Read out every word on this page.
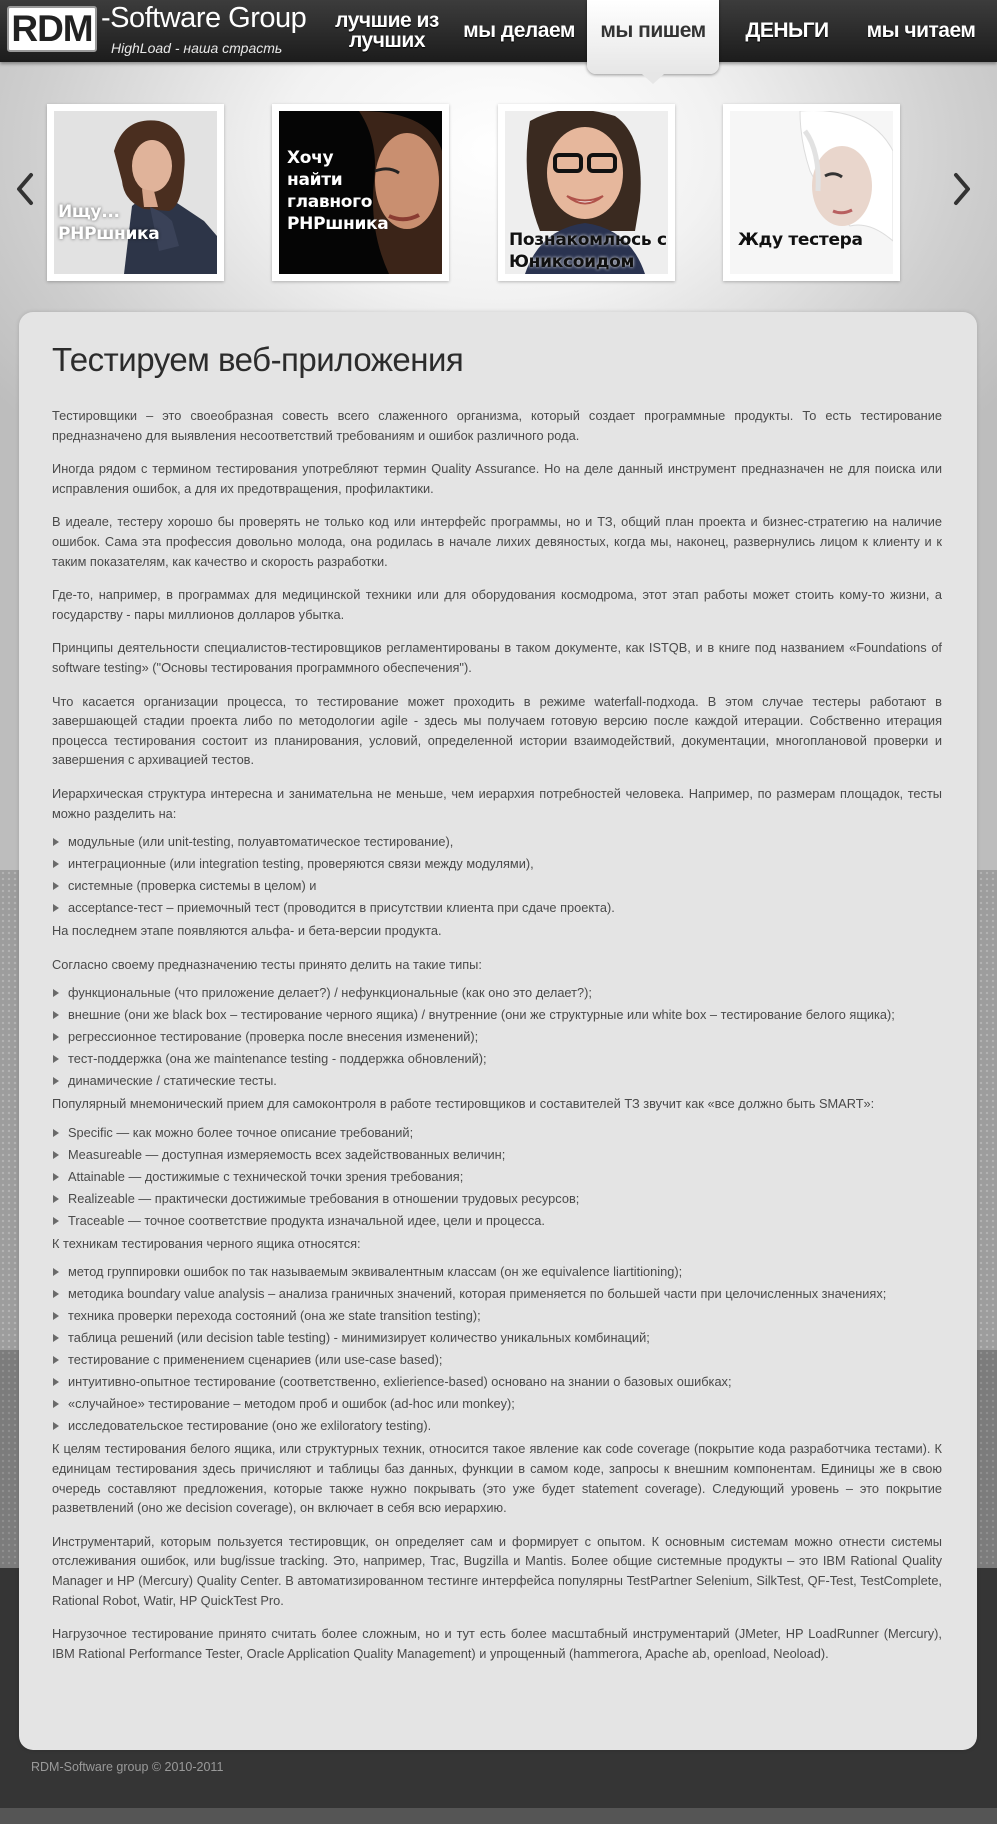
RDM -Software Group
HighLoad - наша страсть
лучшие из лучших	мы делаем мы пишем ДЕНЬГИ мы читаем
Ищу...
PHPшника
Хочу
найти
главного
PHPшника
Познакомлюсь с
Юниксоидом
Жду тестера
Тестируем веб-приложения

Тестировщики – это своеобразная совесть всего слаженного организма, который создает программные продукты. То есть тестирование предназначено для выявления несоответствий требованиям и ошибок различного рода.

Иногда рядом с термином тестирования употребляют термин Quality Assurance. Но на деле данный инструмент предназначен не для поиска или исправления ошибок, а для их предотвращения, профилактики.

В идеале, тестеру хорошо бы проверять не только код или интерфейс программы, но и ТЗ, общий план проекта и бизнес-стратегию на наличие ошибок. Сама эта профессия довольно молода, она родилась в начале лихих девяностых, когда мы, наконец, развернулись лицом к клиенту и к таким показателям, как качество и скорость разработки.

Где-то, например, в программах для медицинской техники или для оборудования космодрома, этот этап работы может стоить кому-то жизни, а государству - пары миллионов долларов убытка.

Принципы деятельности специалистов-тестировщиков регламентированы в таком документе, как ISTQB, и в книге под названием «Foundations of software testing» ("Основы тестирования программного обеспечения").

Что касается организации процесса, то тестирование может проходить в режиме waterfall-подхода. В этом случае тестеры работают в завершающей стадии проекта либо по методологии agile - здесь мы получаем готовую версию после каждой итерации. Собственно итерация процесса тестирования состоит из планирования, условий, определенной истории взаимодействий, документации, многоплановой проверки и завершения с архивацией тестов.

Иерархическая структура интересна и занимательна не меньше, чем иерархия потребностей человека. Например, по размерам площадок, тесты можно разделить на:

модульные (или unit-testing, полуавтоматическое тестирование),
интеграционные (или integration testing, проверяются связи между модулями),
системные (проверка системы в целом) и
acceptance-тест – приемочный тест (проводится в присутствии клиента при сдаче проекта).

На последнем этапе появляются альфа- и бета-версии продукта.

Согласно своему предназначению тесты принято делить на такие типы:

функциональные (что приложение делает?) / нефункциональные (как оно это делает?);
внешние (они же black box – тестирование черного ящика) / внутренние (они же структурные или white box – тестирование белого ящика);
регрессионное тестирование (проверка после внесения изменений);
тест-поддержка (она же maintenance testing - поддержка обновлений);
динамические / статические тесты.

Популярный мнемонический прием для самоконтроля в работе тестировщиков и составителей ТЗ звучит как «все должно быть SMART»:

Specific — как можно более точное описание требований;
Measureable — доступная измеряемость всех задействованных величин;
Attainable — достижимые с технической точки зрения требования;
Realizeable — практически достижимые требования в отношении трудовых ресурсов;
Traceable — точное соответствие продукта изначальной идее, цели и процесса.

К техникам тестирования черного ящика относятся:

метод группировки ошибок по так называемым эквивалентным классам (он же equivalence liartitioning);
методика boundary value analysis – анализа граничных значений, которая применяется по большей части при целочисленных значениях;
техника проверки перехода состояний (она же state transition testing);
таблица решений (или decision table testing) - минимизирует количество уникальных комбинаций;
тестирование с применением сценариев (или use-case based);
интуитивно-опытное тестирование (соответственно, exlierience-based) основано на знании о базовых ошибках;
«случайное» тестирование – методом проб и ошибок (ad-hoc или monkey);
исследовательское тестирование (оно же exliloratory testing).

К целям тестирования белого ящика, или структурных техник, относится такое явление как code coverage (покрытие кода разработчика тестами). К единицам тестирования здесь причисляют и таблицы баз данных, функции в самом коде, запросы к внешним компонентам. Единицы же в свою очередь составляют предложения, которые также нужно покрывать (это уже будет statement coverage). Следующий уровень – это покрытие разветвлений (оно же decision coverage), он включает в себя всю иерархию.

Инструментарий, которым пользуется тестировщик, он определяет сам и формирует с опытом. К основным системам можно отнести системы отслеживания ошибок, или bug/issue tracking. Это, например, Trac, Bugzilla и Mantis. Более общие системные продукты – это IBM Rational Quality Manager и HP (Mercury) Quality Center. В автоматизированном тестинге интерфейса популярны TestPartner Selenium, SilkTest, QF-Test, TestComplete, Rational Robot, Watir, HP QuickTest Pro.

Нагрузочное тестирование принято считать более сложным, но и тут есть более масштабный инструментарий (JMeter, HP LoadRunner (Mercury), IBM Rational Performance Tester, Oracle Application Quality Management) и упрощенный (hammerora, Apache ab, openload, Neoload).

RDM-Software group © 2010-2011
